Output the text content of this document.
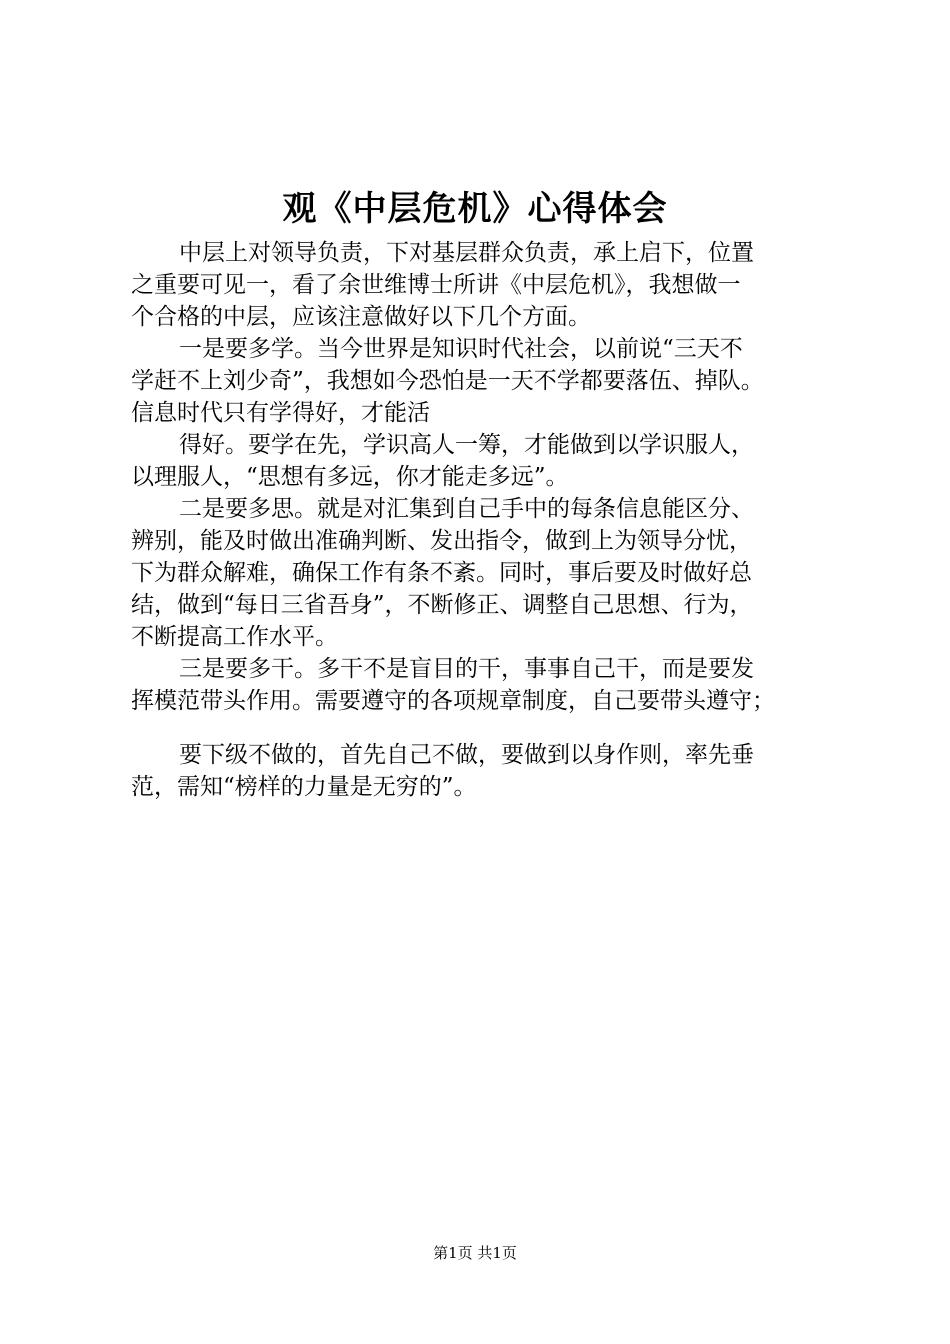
观《中层危机》心得体会
中层上对领导负责，下对基层群众负责，承上启下，位置
之重要可见一，看了余世维博士所讲《中层危机》，我想做一
个合格的中层，应该注意做好以下几个方面。
一是要多学。当今世界是知识时代社会，以前说“三天不
学赶不上刘少奇”，我想如今恐怕是一天不学都要落伍、掉队。
信息时代只有学得好，才能活
得好。要学在先，学识高人一筹，才能做到以学识服人，
以理服人，“思想有多远，你才能走多远”。
二是要多思。就是对汇集到自己手中的每条信息能区分、
辨别，能及时做出准确判断、发出指令，做到上为领导分忧，
下为群众解难，确保工作有条不紊。同时，事后要及时做好总
结，做到“每日三省吾身”，不断修正、调整自己思想、行为，
不断提高工作水平。
三是要多干。多干不是盲目的干，事事自己干，而是要发
挥模范带头作用。需要遵守的各项规章制度，自己要带头遵守；
要下级不做的，首先自己不做，要做到以身作则，率先垂
范，需知“榜样的力量是无穷的”。
第1页 共1页
